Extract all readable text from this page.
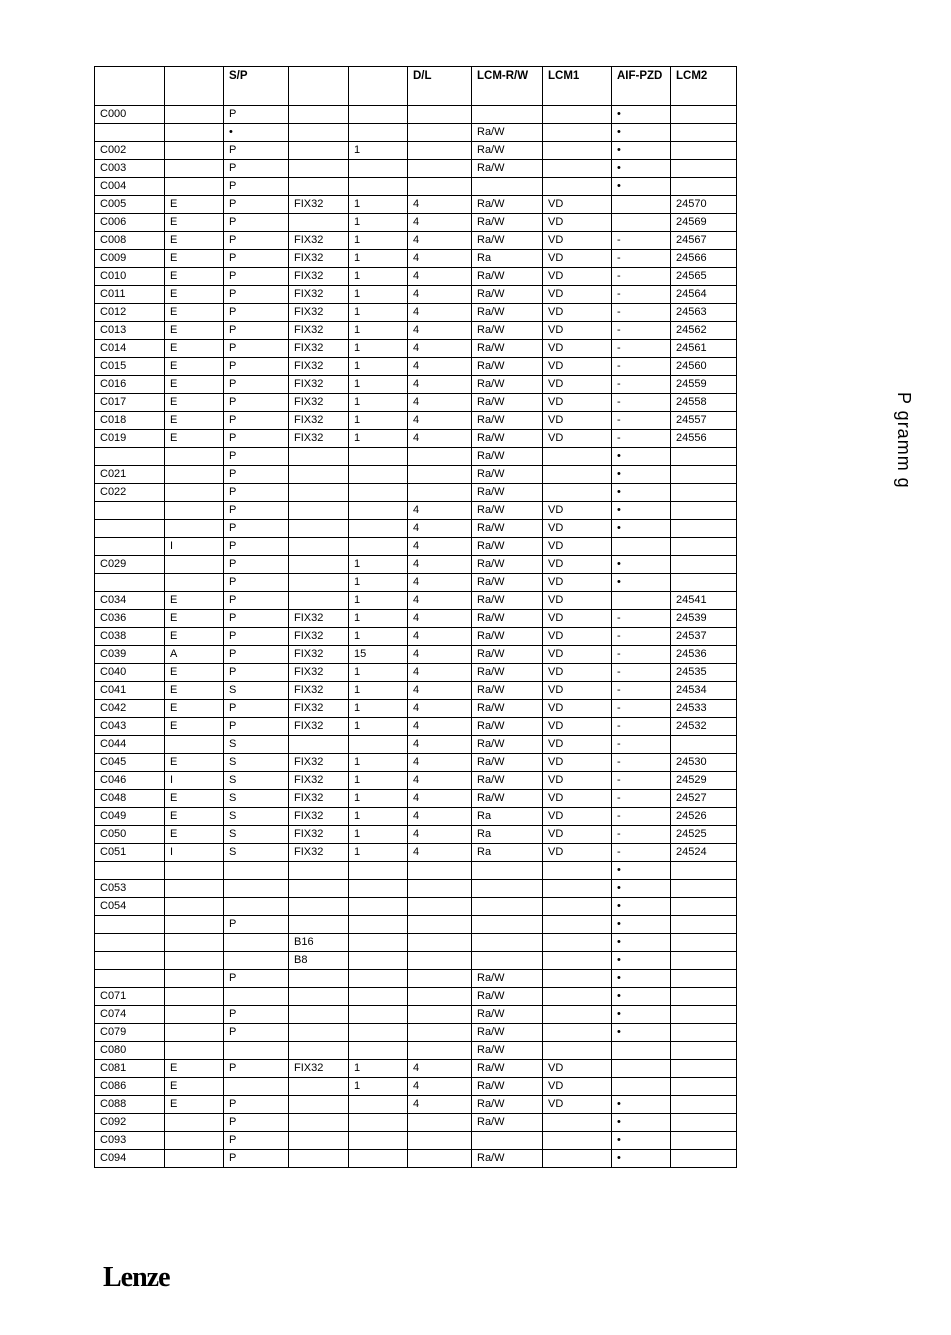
		S/P			D/L	LCM-R/W	LCM1	AIF-PZD	LCM2
C000		P						•	
		•				Ra/W		•	
C002		P		1		Ra/W		•	
C003		P				Ra/W		•	
C004		P						•	
C005	E	P	FIX32	1	4	Ra/W	VD		24570
C006	E	P		1	4	Ra/W	VD		24569
C008	E	P	FIX32	1	4	Ra/W	VD	-	24567
C009	E	P	FIX32	1	4	Ra	VD	-	24566
C010	E	P	FIX32	1	4	Ra/W	VD	-	24565
C011	E	P	FIX32	1	4	Ra/W	VD	-	24564
C012	E	P	FIX32	1	4	Ra/W	VD	-	24563
C013	E	P	FIX32	1	4	Ra/W	VD	-	24562
C014	E	P	FIX32	1	4	Ra/W	VD	-	24561
C015	E	P	FIX32	1	4	Ra/W	VD	-	24560
C016	E	P	FIX32	1	4	Ra/W	VD	-	24559
C017	E	P	FIX32	1	4	Ra/W	VD	-	24558
C018	E	P	FIX32	1	4	Ra/W	VD	-	24557
C019	E	P	FIX32	1	4	Ra/W	VD	-	24556
		P				Ra/W		•	
C021		P				Ra/W		•	
C022		P				Ra/W		•	
		P			4	Ra/W	VD	•	
		P			4	Ra/W	VD	•	
	I	P			4	Ra/W	VD		
C029		P		1	4	Ra/W	VD	•	
		P		1	4	Ra/W	VD	•	
C034	E	P		1	4	Ra/W	VD		24541
C036	E	P	FIX32	1	4	Ra/W	VD	-	24539
C038	E	P	FIX32	1	4	Ra/W	VD	-	24537
C039	A	P	FIX32	15	4	Ra/W	VD	-	24536
C040	E	P	FIX32	1	4	Ra/W	VD	-	24535
C041	E	S	FIX32	1	4	Ra/W	VD	-	24534
C042	E	P	FIX32	1	4	Ra/W	VD	-	24533
C043	E	P	FIX32	1	4	Ra/W	VD	-	24532
C044		S			4	Ra/W	VD	-	
C045	E	S	FIX32	1	4	Ra/W	VD	-	24530
C046	I	S	FIX32	1	4	Ra/W	VD	-	24529
C048	E	S	FIX32	1	4	Ra/W	VD	-	24527
C049	E	S	FIX32	1	4	Ra	VD	-	24526
C050	E	S	FIX32	1	4	Ra	VD	-	24525
C051	I	S	FIX32	1	4	Ra	VD	-	24524
								•	
C053								•	
C054								•	
		P						•	
			B16					•	
			B8					•	
		P				Ra/W		•	
C071						Ra/W		•	
C074		P				Ra/W		•	
C079		P				Ra/W		•	
C080						Ra/W			
C081	E	P	FIX32	1	4	Ra/W	VD		
C086	E			1	4	Ra/W	VD		
C088	E	P			4	Ra/W	VD	•	
C092		P				Ra/W		•	
C093		P						•	
C094		P				Ra/W		•	
P gramm g
Lenze
